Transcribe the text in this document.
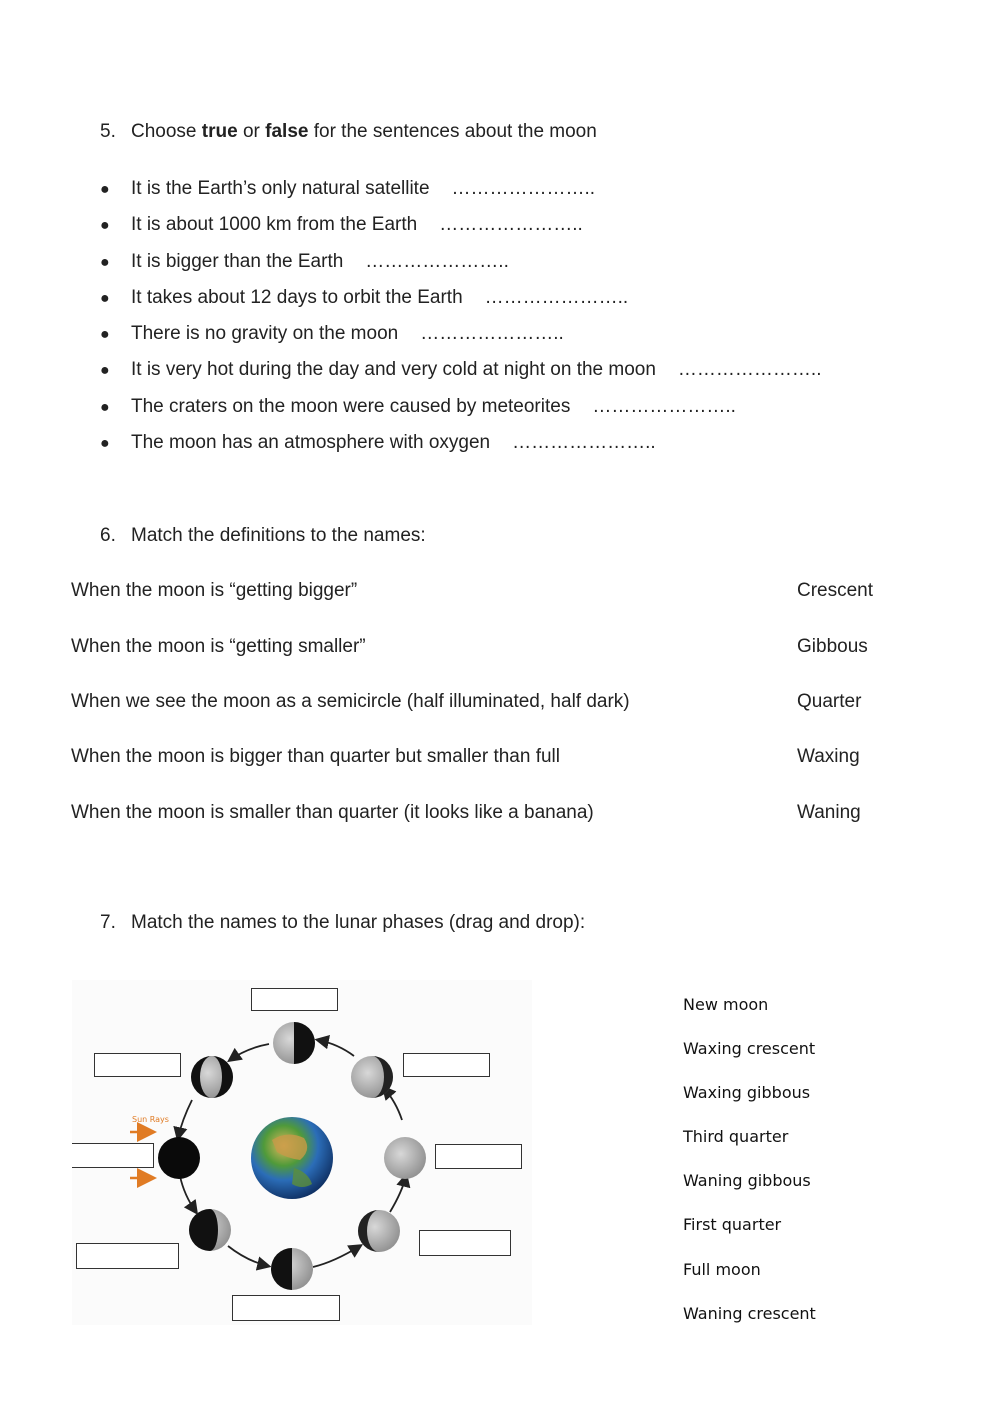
5. Choose true or false for the sentences about the moon
● It is the Earth’s only natural satellite …………………..
● It is about 1000 km from the Earth …………………..
● It is bigger than the Earth …………………..
● It takes about 12 days to orbit the Earth …………………..
● There is no gravity on the moon …………………..
● It is very hot during the day and very cold at night on the moon …………………..
● The craters on the moon were caused by meteorites …………………..
● The moon has an atmosphere with oxygen …………………..
6. Match the definitions to the names:
When the moon is “getting bigger”
When the moon is “getting smaller”
When we see the moon as a semicircle (half illuminated, half dark)
When the moon is bigger than quarter but smaller than full
When the moon is smaller than quarter (it looks like a banana)
Crescent
Gibbous
Quarter
Waxing
Waning
7. Match the names to the lunar phases (drag and drop):
Sun Rays
New moon
Waxing crescent
Waxing gibbous
Third quarter
Waning gibbous
First quarter
Full moon
Waning crescent
